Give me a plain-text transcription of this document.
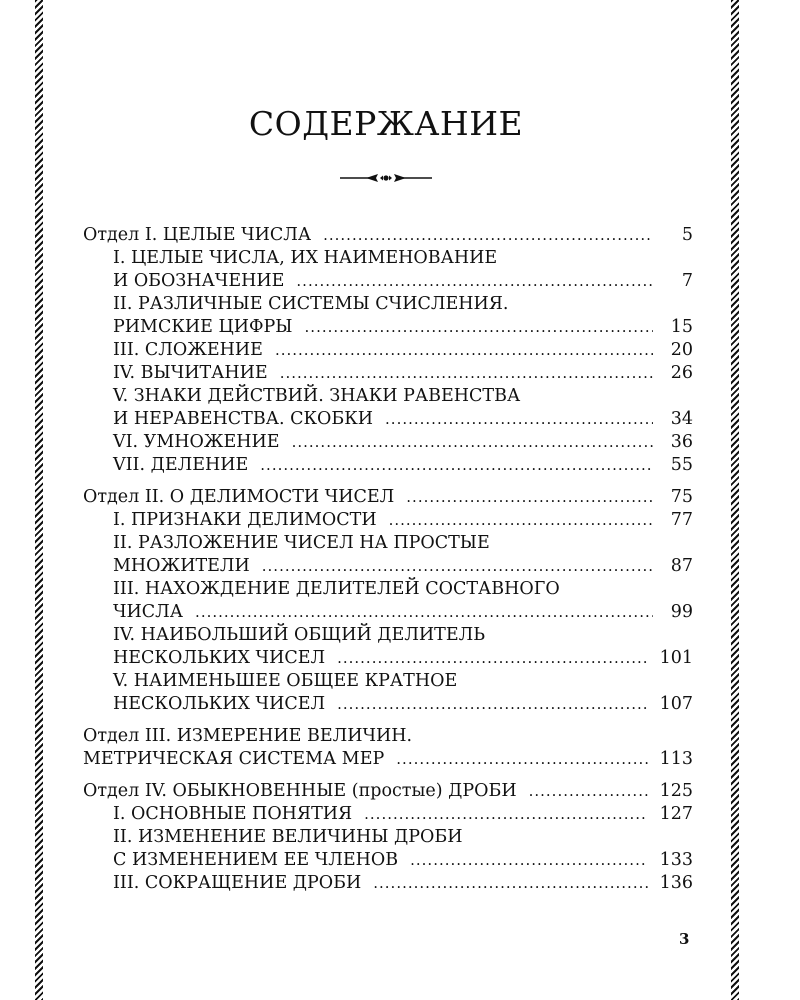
СОДЕРЖАНИЕ
Отдел I. ЦЕЛЫЕ ЧИСЛА .....	5
I. ЦЕЛЫЕ ЧИСЛА, ИХ НАИМЕНОВАНИЕ
И ОБОЗНАЧЕНИЕ .....	7
II. РАЗЛИЧНЫЕ СИСТЕМЫ СЧИСЛЕНИЯ.
РИМСКИЕ ЦИФРЫ .....	15
III. СЛОЖЕНИЕ .....	20
IV. ВЫЧИТАНИЕ .....	26
V. ЗНАКИ ДЕЙСТВИЙ. ЗНАКИ РАВЕНСТВА
И НЕРАВЕНСТВА. СКОБКИ .....	34
VI. УМНОЖЕНИЕ .....	36
VII. ДЕЛЕНИЕ .....	55
Отдел II. О ДЕЛИМОСТИ ЧИСЕЛ .....	75
I. ПРИЗНАКИ ДЕЛИМОСТИ .....	77
II. РАЗЛОЖЕНИЕ ЧИСЕЛ НА ПРОСТЫЕ
МНОЖИТЕЛИ .....	87
III. НАХОЖДЕНИЕ ДЕЛИТЕЛЕЙ СОСТАВНОГО
ЧИСЛА .....	99
IV. НАИБОЛЬШИЙ ОБЩИЙ ДЕЛИТЕЛЬ
НЕСКОЛЬКИХ ЧИСЕЛ .....	101
V. НАИМЕНЬШЕЕ ОБЩЕЕ КРАТНОЕ
НЕСКОЛЬКИХ ЧИСЕЛ .....	107
Отдел III. ИЗМЕРЕНИЕ ВЕЛИЧИН.
МЕТРИЧЕСКАЯ СИСТЕМА МЕР .....	113
Отдел IV. ОБЫКНОВЕННЫЕ (простые) ДРОБИ .....	125
I. ОСНОВНЫЕ ПОНЯТИЯ .....	127
II. ИЗМЕНЕНИЕ ВЕЛИЧИНЫ ДРОБИ
С ИЗМЕНЕНИЕМ ЕЕ ЧЛЕНОВ .....	133
III. СОКРАЩЕНИЕ ДРОБИ .....	136
3
